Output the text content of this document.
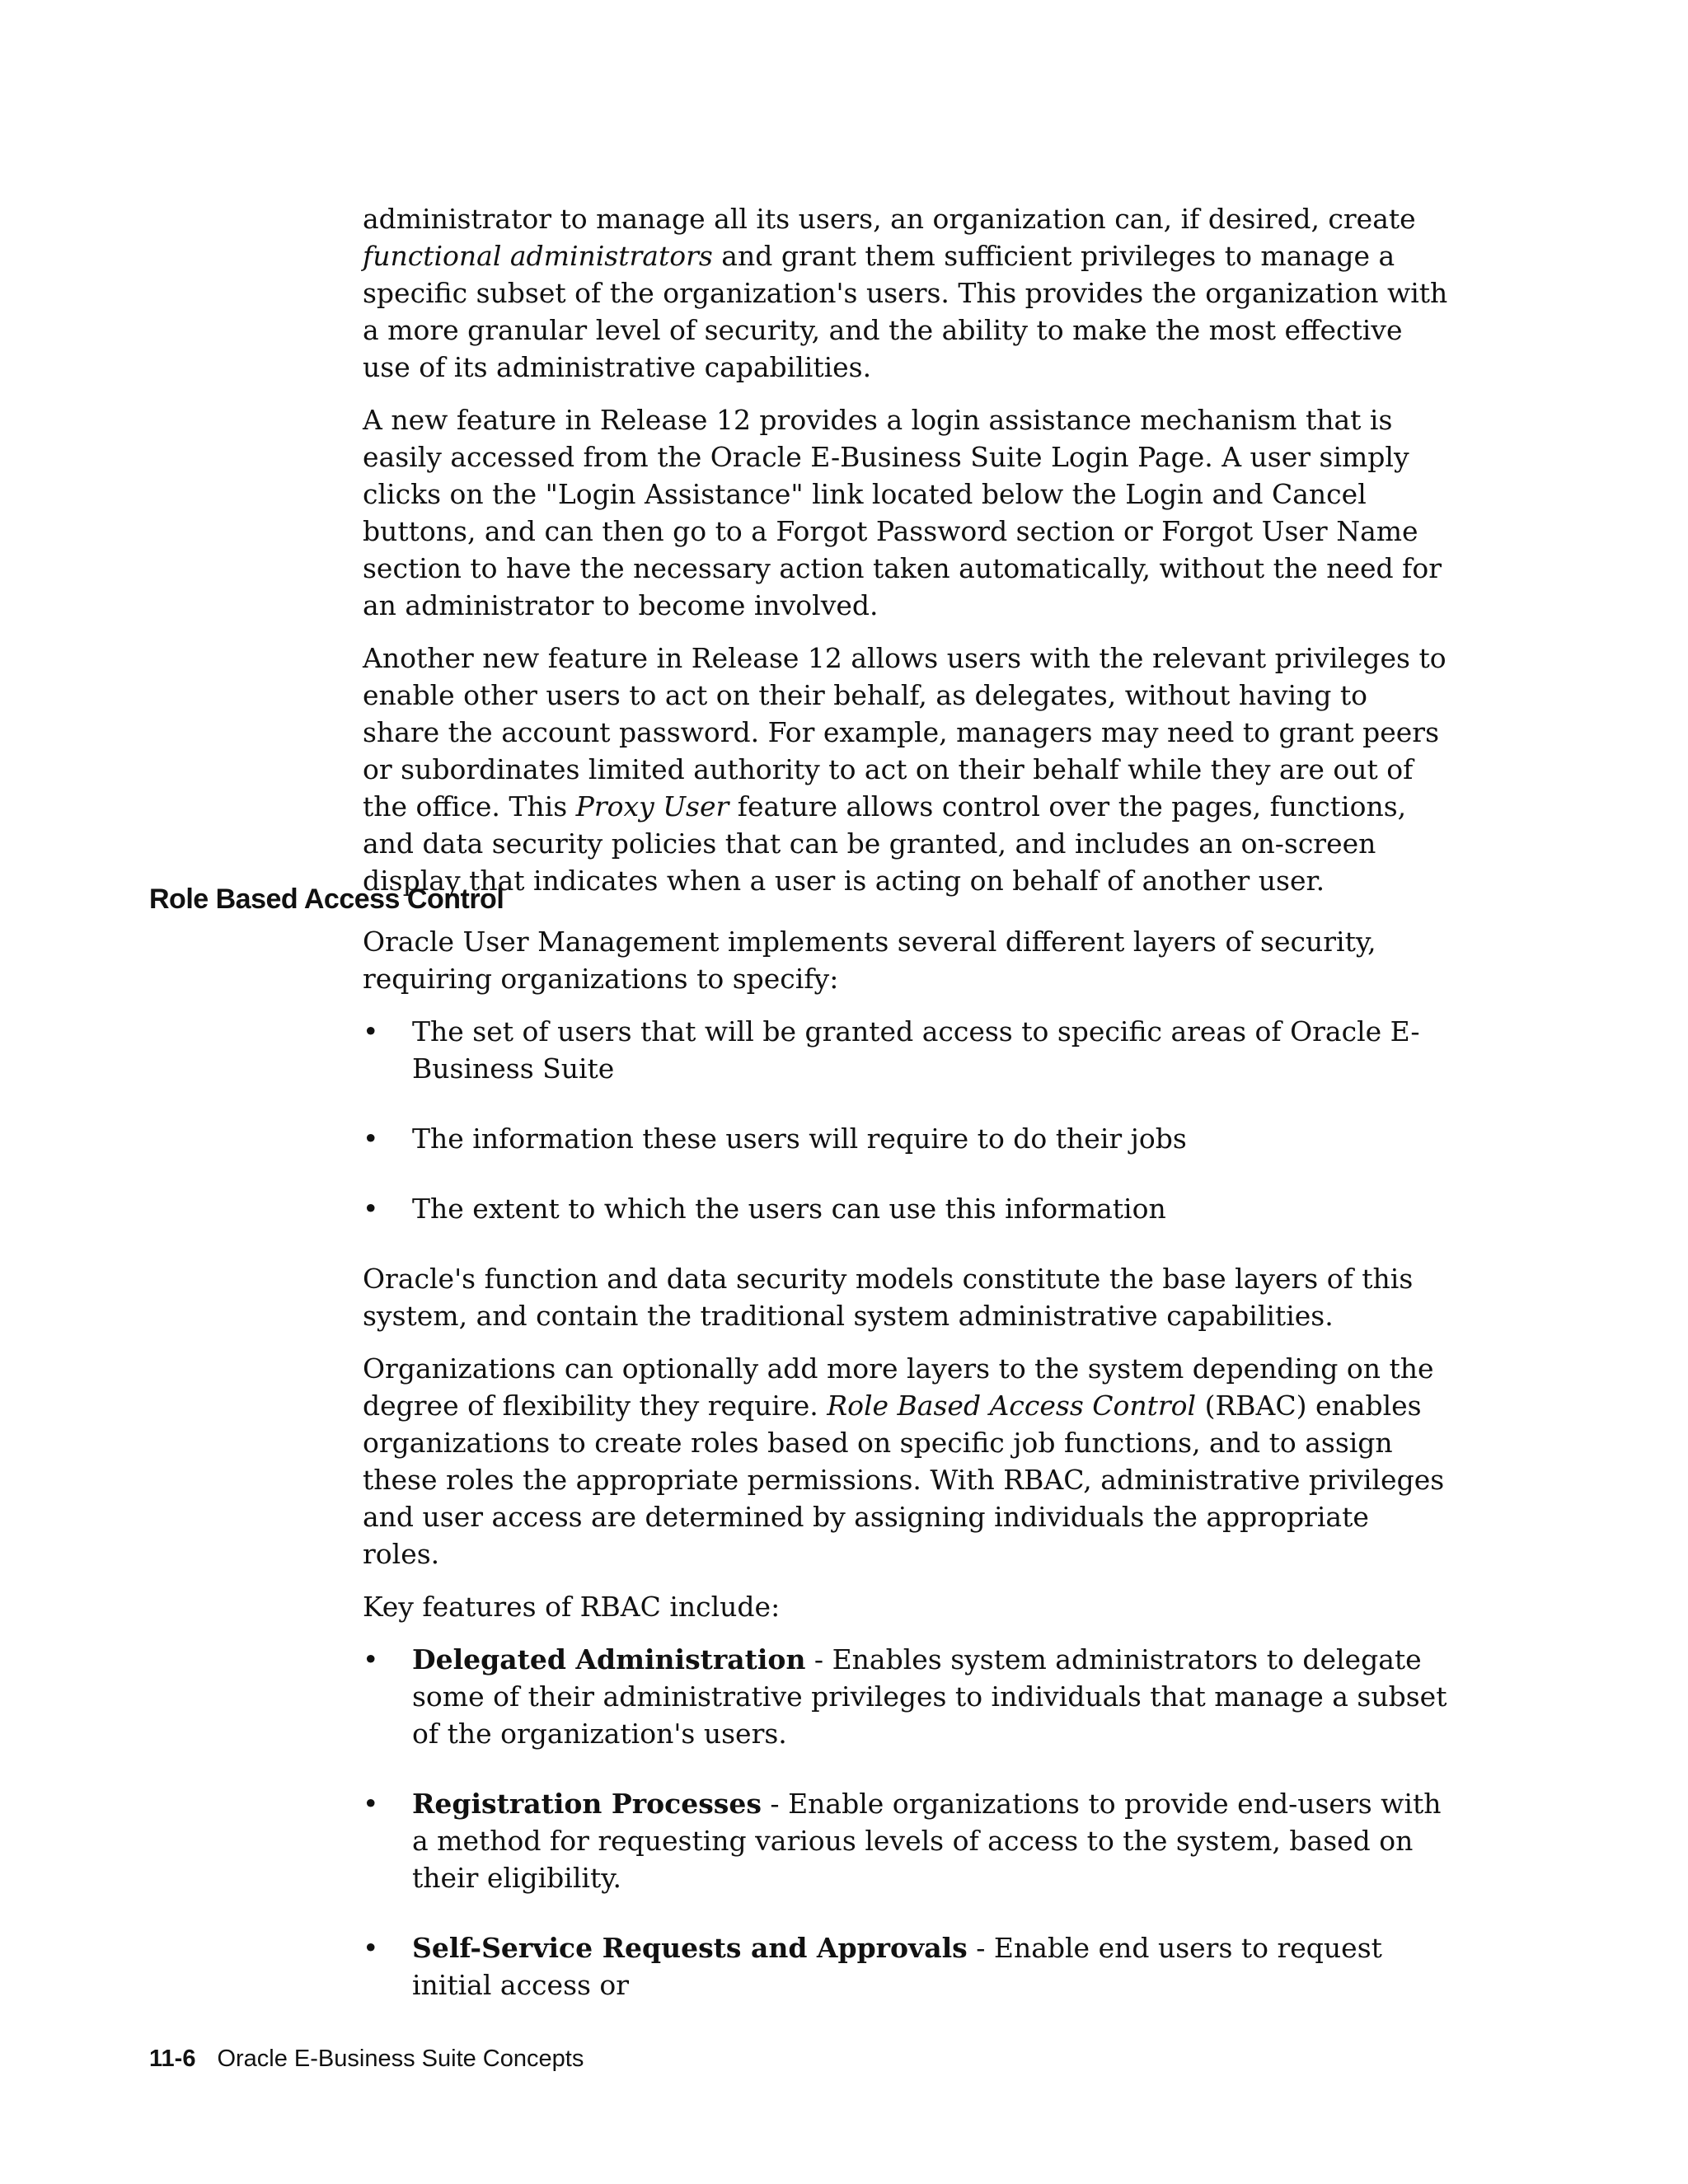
administrator to manage all its users, an organization can, if desired, create functional administrators and grant them sufficient privileges to manage a specific subset of the organization's users. This provides the organization with a more granular level of security, and the ability to make the most effective use of its administrative capabilities.

A new feature in Release 12 provides a login assistance mechanism that is easily accessed from the Oracle E-Business Suite Login Page. A user simply clicks on the "Login Assistance" link located below the Login and Cancel buttons, and can then go to a Forgot Password section or Forgot User Name section to have the necessary action taken automatically, without the need for an administrator to become involved.

Another new feature in Release 12 allows users with the relevant privileges to enable other users to act on their behalf, as delegates, without having to share the account password. For example, managers may need to grant peers or subordinates limited authority to act on their behalf while they are out of the office. This Proxy User feature allows control over the pages, functions, and data security policies that can be granted, and includes an on-screen display that indicates when a user is acting on behalf of another user.

Role Based Access Control

Oracle User Management implements several different layers of security, requiring organizations to specify:

• The set of users that will be granted access to specific areas of Oracle E-Business Suite
• The information these users will require to do their jobs
• The extent to which the users can use this information

Oracle's function and data security models constitute the base layers of this system, and contain the traditional system administrative capabilities.

Organizations can optionally add more layers to the system depending on the degree of flexibility they require. Role Based Access Control (RBAC) enables organizations to create roles based on specific job functions, and to assign these roles the appropriate permissions. With RBAC, administrative privileges and user access are determined by assigning individuals the appropriate roles.

Key features of RBAC include:

• Delegated Administration - Enables system administrators to delegate some of their administrative privileges to individuals that manage a subset of the organization's users.
• Registration Processes - Enable organizations to provide end-users with a method for requesting various levels of access to the system, based on their eligibility.
• Self-Service Requests and Approvals - Enable end users to request initial access or
11-6 Oracle E-Business Suite Concepts
